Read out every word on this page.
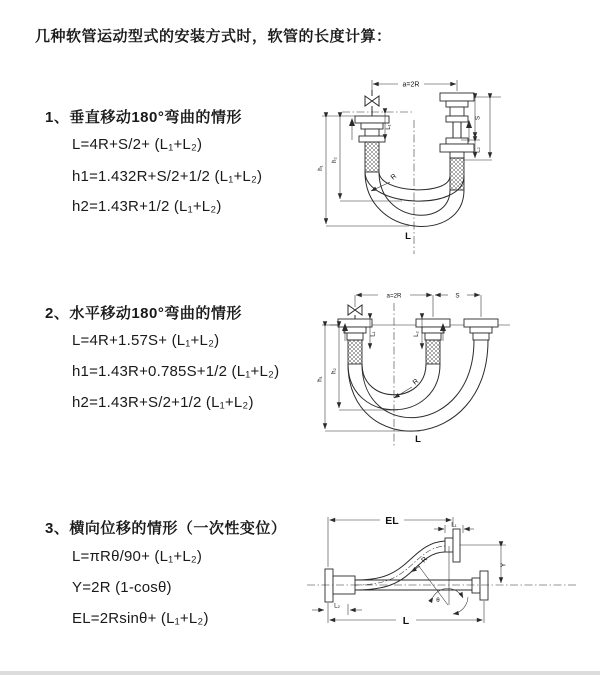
几种软管运动型式的安装方式时，软管的长度计算：
1、垂直移动180°弯曲的情形
L=4R+S/2+ (L₁+L₂)
h1=1.432R+S/2+1/2 (L₁+L₂)
h2=1.43R+1/2 (L₁+L₂)
2、水平移动180°弯曲的情形
L=4R+1.57S+ (L₁+L₂)
h1=1.43R+0.785S+1/2 (L₁+L₂)
h2=1.43R+S/2+1/2 (L₁+L₂)
3、横向位移的情形（一次性变位）
L=πRθ/90+ (L₁+L₂)
Y=2R (1-cosθ)
EL=2Rsinθ+ (L₁+L₂)
a=2R
L₁
S
L₂
h₁
h₂
R
L
a=2R	S
L₁	L₂
h₁
h₂
R
L
EL	L₁
Y
R
θ
L
L₂
